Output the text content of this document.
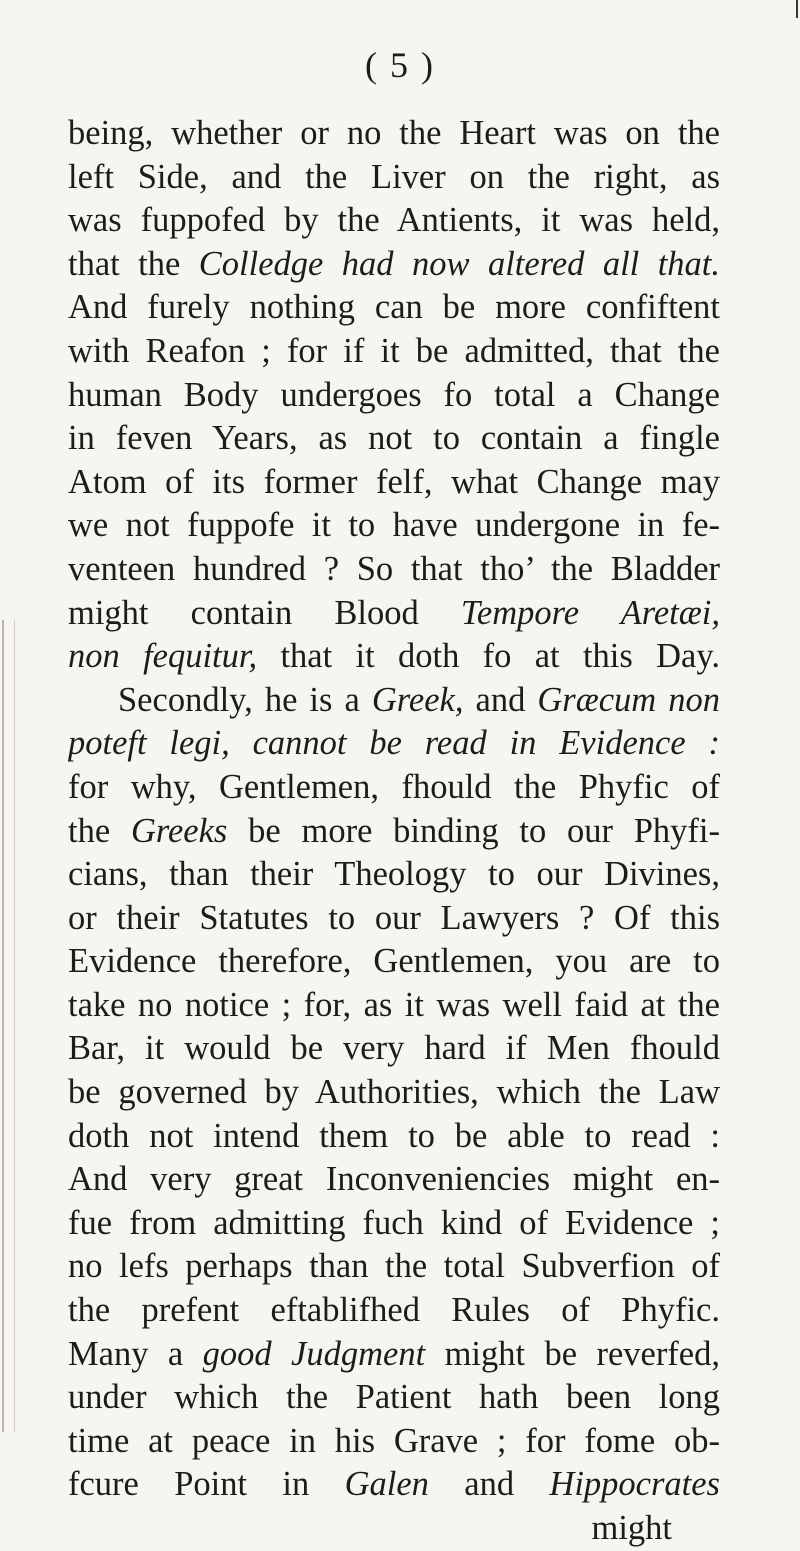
( 5 )
being, whether or no the Heart was on the
left Side, and the Liver on the right, as
was fuppofed by the Antients, it was held,
that the Colledge had now altered all that.
And furely nothing can be more confiftent
with Reafon ; for if it be admitted, that the
human Body undergoes fo total a Change
in feven Years, as not to contain a fingle
Atom of its former felf, what Change may
we not fuppofe it to have undergone in fe-
venteen hundred ? So that tho’ the Bladder
might contain Blood Tempore Aretæi,
non fequitur, that it doth fo at this Day.
Secondly, he is a Greek, and Græcum non
poteft legi, cannot be read in Evidence :
for why, Gentlemen, fhould the Phyfic of
the Greeks be more binding to our Phyfi-
cians, than their Theology to our Divines,
or their Statutes to our Lawyers ? Of this
Evidence therefore, Gentlemen, you are to
take no notice ; for, as it was well faid at the
Bar, it would be very hard if Men fhould
be governed by Authorities, which the Law
doth not intend them to be able to read :
And very great Inconveniencies might en-
fue from admitting fuch kind of Evidence ;
no lefs perhaps than the total Subverfion of
the prefent eftablifhed Rules of Phyfic.
Many a good Judgment might be reverfed,
under which the Patient hath been long
time at peace in his Grave ; for fome ob-
fcure Point in Galen and Hippocrates
might
